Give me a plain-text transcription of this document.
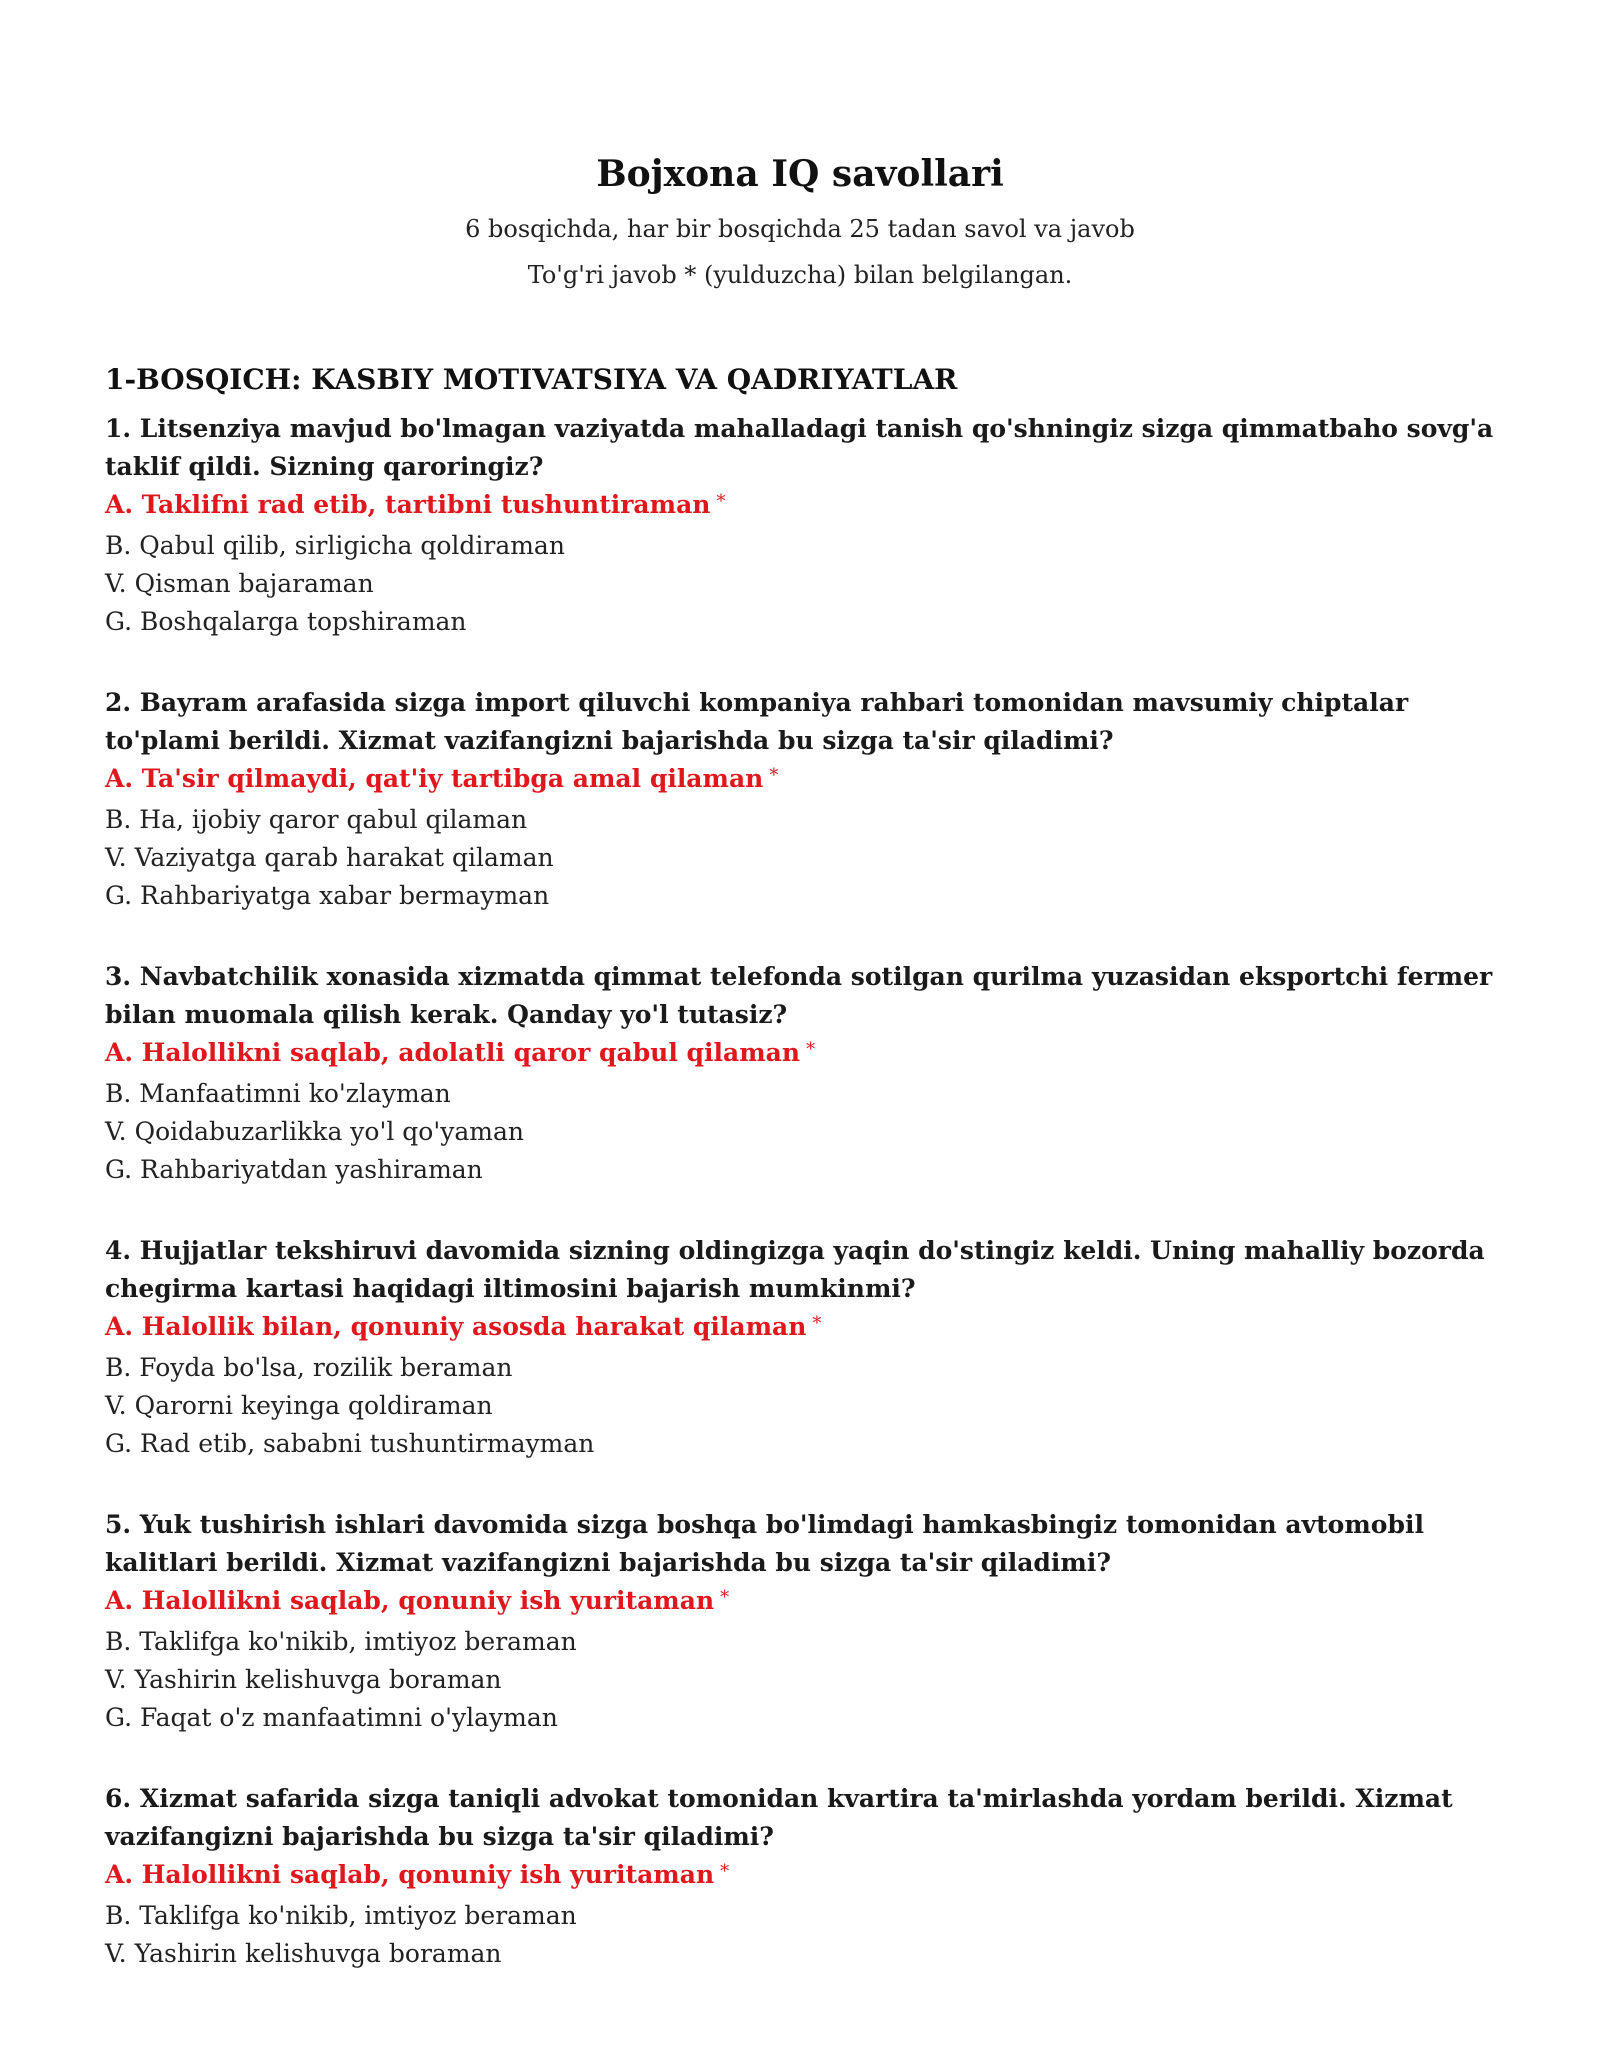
Bojxona IQ savollari
6 bosqichda, har bir bosqichda 25 tadan savol va javob
To'g'ri javob * (yulduzcha) bilan belgilangan.
1-BOSQICH: KASBIY MOTIVATSIYA VA QADRIYATLAR

1. Litsenziya mavjud bo'lmagan vaziyatda mahalladagi tanish qo'shningiz sizga qimmatbaho sovg'a taklif qildi. Sizning qaroringiz?

A. Taklifni rad etib, tartibni tushuntiraman *

B. Qabul qilib, sirligicha qoldiraman

V. Qisman bajaraman

G. Boshqalarga topshiraman

2. Bayram arafasida sizga import qiluvchi kompaniya rahbari tomonidan mavsumiy chiptalar to'plami berildi. Xizmat vazifangizni bajarishda bu sizga ta'sir qiladimi?

A. Ta'sir qilmaydi, qat'iy tartibga amal qilaman *

B. Ha, ijobiy qaror qabul qilaman

V. Vaziyatga qarab harakat qilaman

G. Rahbariyatga xabar bermayman

3. Navbatchilik xonasida xizmatda qimmat telefonda sotilgan qurilma yuzasidan eksportchi fermer bilan muomala qilish kerak. Qanday yo'l tutasiz?

A. Halollikni saqlab, adolatli qaror qabul qilaman *

B. Manfaatimni ko'zlayman

V. Qoidabuzarlikka yo'l qo'yaman

G. Rahbariyatdan yashiraman

4. Hujjatlar tekshiruvi davomida sizning oldingizga yaqin do'stingiz keldi. Uning mahalliy bozorda chegirma kartasi haqidagi iltimosini bajarish mumkinmi?

A. Halollik bilan, qonuniy asosda harakat qilaman *

B. Foyda bo'lsa, rozilik beraman

V. Qarorni keyinga qoldiraman

G. Rad etib, sababni tushuntirmayman

5. Yuk tushirish ishlari davomida sizga boshqa bo'limdagi hamkasbingiz tomonidan avtomobil kalitlari berildi. Xizmat vazifangizni bajarishda bu sizga ta'sir qiladimi?

A. Halollikni saqlab, qonuniy ish yuritaman *

B. Taklifga ko'nikib, imtiyoz beraman

V. Yashirin kelishuvga boraman

G. Faqat o'z manfaatimni o'ylayman

6. Xizmat safarida sizga taniqli advokat tomonidan kvartira ta'mirlashda yordam berildi. Xizmat vazifangizni bajarishda bu sizga ta'sir qiladimi?

A. Halollikni saqlab, qonuniy ish yuritaman *

B. Taklifga ko'nikib, imtiyoz beraman

V. Yashirin kelishuvga boraman
